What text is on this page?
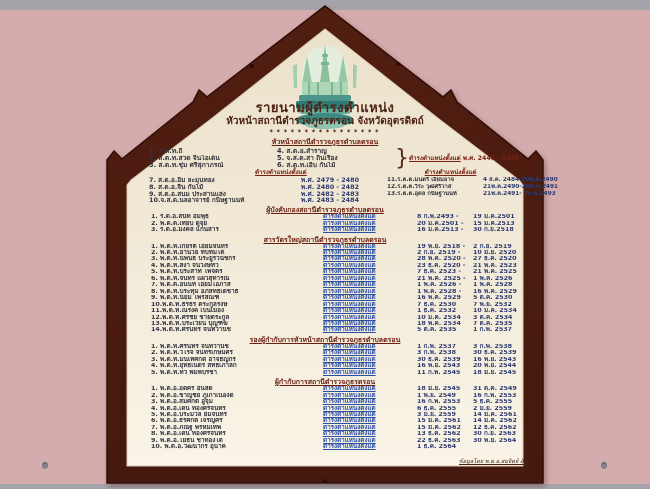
รายนามผู้ดำรงตำแหน่ง
หัวหน้าสถานีตำรวจภูธรตรอน จังหวัดอุตรดิตถ์
✶✶✶✶✶✶✶✶✶✶✶✶✶✶✶✶
หัวหน้าสถานีตำรวจภูธรตำบลตรอน
1. ส.ต.ท.ถี
2. ส.ต.ท.สวด จีนโอเต็น
3. ส.ต.ท.ชุ่ม ศรีสุภาภรณ์
4. ส.ต.อ.สำราญ
5. จ.ส.ต.สา ถิ่นเรือง
6. ส.ต.ท.เอิบ กันไม้	} ดำรงตำแหน่งตั้งแต่ พ.ศ. 2440 - 2479
ดำรงตำแหน่งตั้งแต่	ดำรงตำแหน่งตั้งแต่
7. ส.ต.อ.อิ่ม ละมุนทอง	พ.ศ. 2479 - 2480
8. ส.ต.อ.จีน กันไม้	พ.ศ. 2480 - 2482
9. ส.ต.อ.สนม ประสานแสง	พ.ศ. 2482 - 2483
10.จ.ส.ต.นลอาจารย์ กนิษฐานนท์	พ.ศ. 2483 - 2484
11.ร.ต.ต.มนตรี เอี่ยมอาจ	4 ส.ค. 2484-20พ.ค.2490
12.ร.ต.ต.วิระ วุฒิศรีวาส	21พ.ค.2490-20พ.ค.2491
13.ร.ต.ต.อุดล กนิษฐานนท์	21พ.ค.2491- 7ก.ค.2493
ผู้บังคับกองสถานีตำรวจภูธรตำบลตรอน
1. ร.ต.อ.สนิท อัมพุธ	ดำรงตำแหน่งตั้งแต่	8 ก.พ.2493 -	19 ม.ค.2501
2. พ.ต.ต.เทียบ ดูจุ้ย	ดำรงตำแหน่งตั้งแต่	20 ม.ค.2501 -	15 ม.ค.2513
3. ร.ต.อ.มงคล แก่นสาร	ดำรงตำแหน่งตั้งแต่	16 ม.ค.2513 -	30 ก.ย.2518
สารวัตรใหญ่สถานีตำรวจภูธรตำบลตรอน
1. พ.ต.ท.เกียรติ เอี่ยมจันทร์	ดำรงตำแหน่งตั้งแต่	19 พ.ย. 2518 -	2 ก.ย. 2519
2. พ.ต.ท.อำนวย ทับทิมโต	ดำรงตำแหน่งตั้งแต่	2 ก.ย. 2519 -	10 มิ.ย. 2520
3. พ.ต.ท.นิพนธ์ ประยูรวนิชกร	ดำรงตำแหน่งตั้งแต่	28 พ.ค. 2520 -	27 ธ.ค. 2520
4. พ.ต.ท.สง่า จั่นวงษ์ทั่ว	ดำรงตำแหน่งตั้งแต่	23 ธ.ค. 2520 -	21 พ.ค. 2523
5. พ.ต.ท.ประสาท ไพจิตร	ดำรงตำแหน่งตั้งแต่	7 ธ.ค. 2523 -	21 พ.ค. 2525
6. พ.ต.ท.จันทร์ แผ่วสุทารณ์	ดำรงตำแหน่งตั้งแต่	21 พ.ค. 2525 -	1 พ.ค. 2526
7. พ.ต.ต.อนนท์ เอี่ยมโอภาส	ดำรงตำแหน่งตั้งแต่	1 พ.ค. 2526 -	1 พ.ค. 2528
8. พ.ต.ท.ประทุม อภิสิทธิ์เดชาธิ	ดำรงตำแหน่งตั้งแต่	1 พ.ค. 2528 -	16 พ.ค. 2529
9. พ.ต.ท.นิยม ไพรสัณฑ์	ดำรงตำแหน่งตั้งแต่	16 พ.ค. 2529	5 ต.ค. 2530
10.พ.ต.ท.ธีรธร ตระกูลรังษี	ดำรงตำแหน่งตั้งแต่	7 ธ.ค. 2530	7 พ.ย. 2532
11.พ.ต.ท.ณรงค์ เป็นเมือง	ดำรงตำแหน่งตั้งแต่	1 ธ.ค. 2532	10 ม.ค. 2534
12.พ.ต.ท.ศิริชัย ชายตระกูล	ดำรงตำแหน่งตั้งแต่	10 ม.ค. 2534	3 ต.ค. 2534
13.พ.ต.ท.ประเวียน บุญฑีฆ์	ดำรงตำแหน่งตั้งแต่	18 พ.ค. 2534	7 ต.ค. 2535
14.พ.ต.ท.ศิรินทร์ จันทวานิช	ดำรงตำแหน่งตั้งแต่	5 ต.ค. 2535	1 ก.พ. 2537
รองผู้กำกับการหัวหน้าสถานีตำรวจภูธรตำบลตรอน
1. พ.ต.ท.ศิรินทร์ จันทวานิช	ดำรงตำแหน่งตั้งแต่	1 ก.พ. 2537	3 ก.พ. 2538
2. พ.ต.ท.วิโรจ จันทร์เกษมศรี	ดำรงตำแหน่งตั้งแต่	3 ก.พ. 2538	30 ธ.ค. 2539
3. พ.ต.ท.มนเทศักดิ์ อาจธัญกร	ดำรงตำแหน่งตั้งแต่	30 ธ.ค. 2539	16 พ.ย. 2543
4. พ.ต.ท.ยุทธเนตร สิทธิเภาลิก	ดำรงตำแหน่งตั้งแต่	16 พ.ย. 2543	20 พ.ย. 2544
5. พ.ต.ท.ทวี พิมพ์ปรีชา	ดำรงตำแหน่งตั้งแต่	11 ก.พ. 2545	18 มิ.ย. 2545
ผู้กำกับการสถานีตำรวจภูธรตรอน
1. พ.ต.อ.อดิศร อินสด	ดำรงตำแหน่งตั้งแต่	18 มิ.ย. 2545	31 ต.ค. 2549
2. พ.ต.อ.ชาญชัย ภูเก้าเนื่องดี	ดำรงตำแหน่งตั้งแต่	1 พ.ย. 2549	16 ก.พ. 2553
3. พ.ต.อ.สมศักดิ์ อู่จุ้ม	ดำรงตำแหน่งตั้งแต่	16 ก.พ. 2553	5 ธ.ค. 2555
4. พ.ต.อ.เด่น ทองศรีจันทร์	ดำรงตำแหน่งตั้งแต่	6 ธ.ค. 2555	2 มิ.ย. 2559
5. พ.ต.อ.ประมวล ยิ้มจันทร์	ดำรงตำแหน่งตั้งแต่	3 มิ.ย. 2559	14 มี.ค. 2561
6. พ.ต.อ.ธีรศักดิ์ เจริญศรี	ดำรงตำแหน่งตั้งแต่	15 มี.ค. 2561	14 มี.ค. 2562
7. พ.ต.อ.ภณัฐ พรหมเทพ	ดำรงตำแหน่งตั้งแต่	15 มี.ค. 2562	12 ธ.ค. 2562
8. พ.ต.อ.เด่น ทองศรีจันทร์	ดำรงตำแหน่งตั้งแต่	13 ธ.ค. 2562	30 ก.ย. 2563
9. พ.ต.อ.โยธิน ชาทองโต	ดำรงตำแหน่งตั้งแต่	22 ธ.ค. 2563	30 พ.ย. 2564
10. พ.ต.อ.วัฒนากร อุ่นาค	ดำรงตำแหน่งตั้งแต่	1 ธ.ค. 2564
ข้อมูลโดย พ.ต.อ.สมจิตย์ อ้อย
